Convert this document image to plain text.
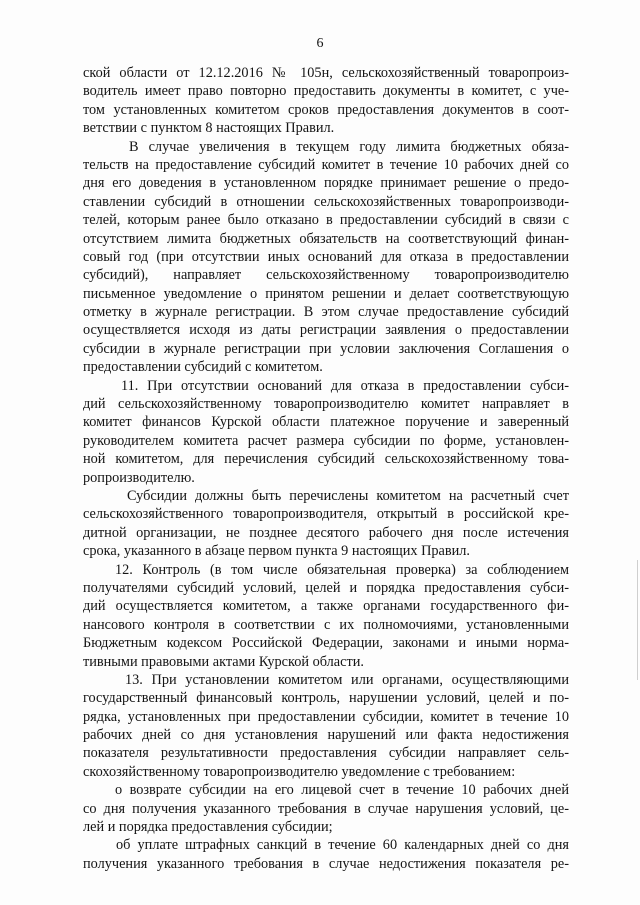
6
ской области от 12.12.2016 № 105н, сельскохозяйственный товаропроиз-
водитель имеет право повторно предоставить документы в комитет, с уче-
том установленных комитетом сроков предоставления документов в соот-
ветствии с пунктом 8 настоящих Правил.
В случае увеличения в текущем году лимита бюджетных обяза-
тельств на предоставление субсидий комитет в течение 10 рабочих дней со
дня его доведения в установленном порядке принимает решение о предо-
ставлении субсидий в отношении сельскохозяйственных товаропроизводи-
телей, которым ранее было отказано в предоставлении субсидий в связи с
отсутствием лимита бюджетных обязательств на соответствующий финан-
совый год (при отсутствии иных оснований для отказа в предоставлении
субсидий), направляет сельскохозяйственному товаропроизводителю
письменное уведомление о принятом решении и делает соответствующую
отметку в журнале регистрации. В этом случае предоставление субсидий
осуществляется исходя из даты регистрации заявления о предоставлении
субсидии в журнале регистрации при условии заключения Соглашения о
предоставлении субсидий с комитетом.
11. При отсутствии оснований для отказа в предоставлении субси-
дий сельскохозяйственному товаропроизводителю комитет направляет в
комитет финансов Курской области платежное поручение и заверенный
руководителем комитета расчет размера субсидии по форме, установлен-
ной комитетом, для перечисления субсидий сельскохозяйственному това-
ропроизводителю.
Субсидии должны быть перечислены комитетом на расчетный счет
сельскохозяйственного товаропроизводителя, открытый в российской кре-
дитной организации, не позднее десятого рабочего дня после истечения
срока, указанного в абзаце первом пункта 9 настоящих Правил.
12. Контроль (в том числе обязательная проверка) за соблюдением
получателями субсидий условий, целей и порядка предоставления субси-
дий осуществляется комитетом, а также органами государственного фи-
нансового контроля в соответствии с их полномочиями, установленными
Бюджетным кодексом Российской Федерации, законами и иными норма-
тивными правовыми актами Курской области.
13. При установлении комитетом или органами, осуществляющими
государственный финансовый контроль, нарушении условий, целей и по-
рядка, установленных при предоставлении субсидии, комитет в течение 10
рабочих дней со дня установления нарушений или факта недостижения
показателя результативности предоставления субсидии направляет сель-
скохозяйственному товаропроизводителю уведомление с требованием:
о возврате субсидии на его лицевой счет в течение 10 рабочих дней
со дня получения указанного требования в случае нарушения условий, це-
лей и порядка предоставления субсидии;
об уплате штрафных санкций в течение 60 календарных дней со дня
получения указанного требования в случае недостижения показателя ре-
